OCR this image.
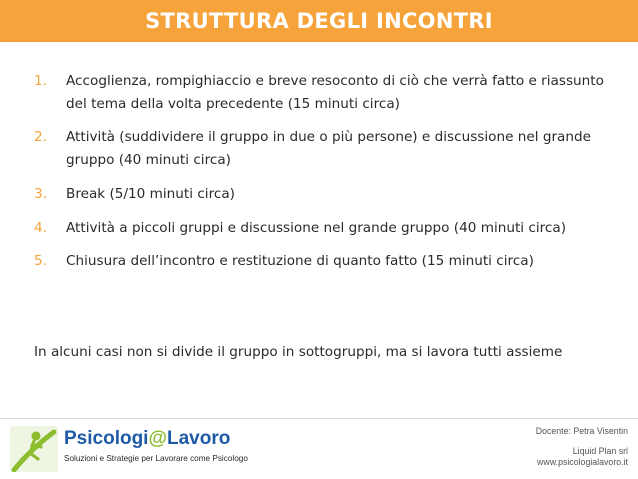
STRUTTURA DEGLI INCONTRI
1. Accoglienza, rompighiaccio e breve resoconto di ciò che verrà fatto e riassunto del tema della volta precedente (15 minuti circa)
2. Attività (suddividere il gruppo in due o più persone) e discussione nel grande gruppo (40 minuti circa)
3. Break (5/10 minuti circa)
4. Attività a piccoli gruppi e discussione nel grande gruppo (40 minuti circa)
5. Chiusura dell’incontro e restituzione di quanto fatto (15 minuti circa)
In alcuni casi non si divide il gruppo in sottogruppi, ma si lavora tutti assieme
Psicologi@Lavoro
Soluzioni e Strategie per Lavorare come Psicologo
Docente: Petra Visentin
Liquid Plan srl
www.psicologialavoro.it
